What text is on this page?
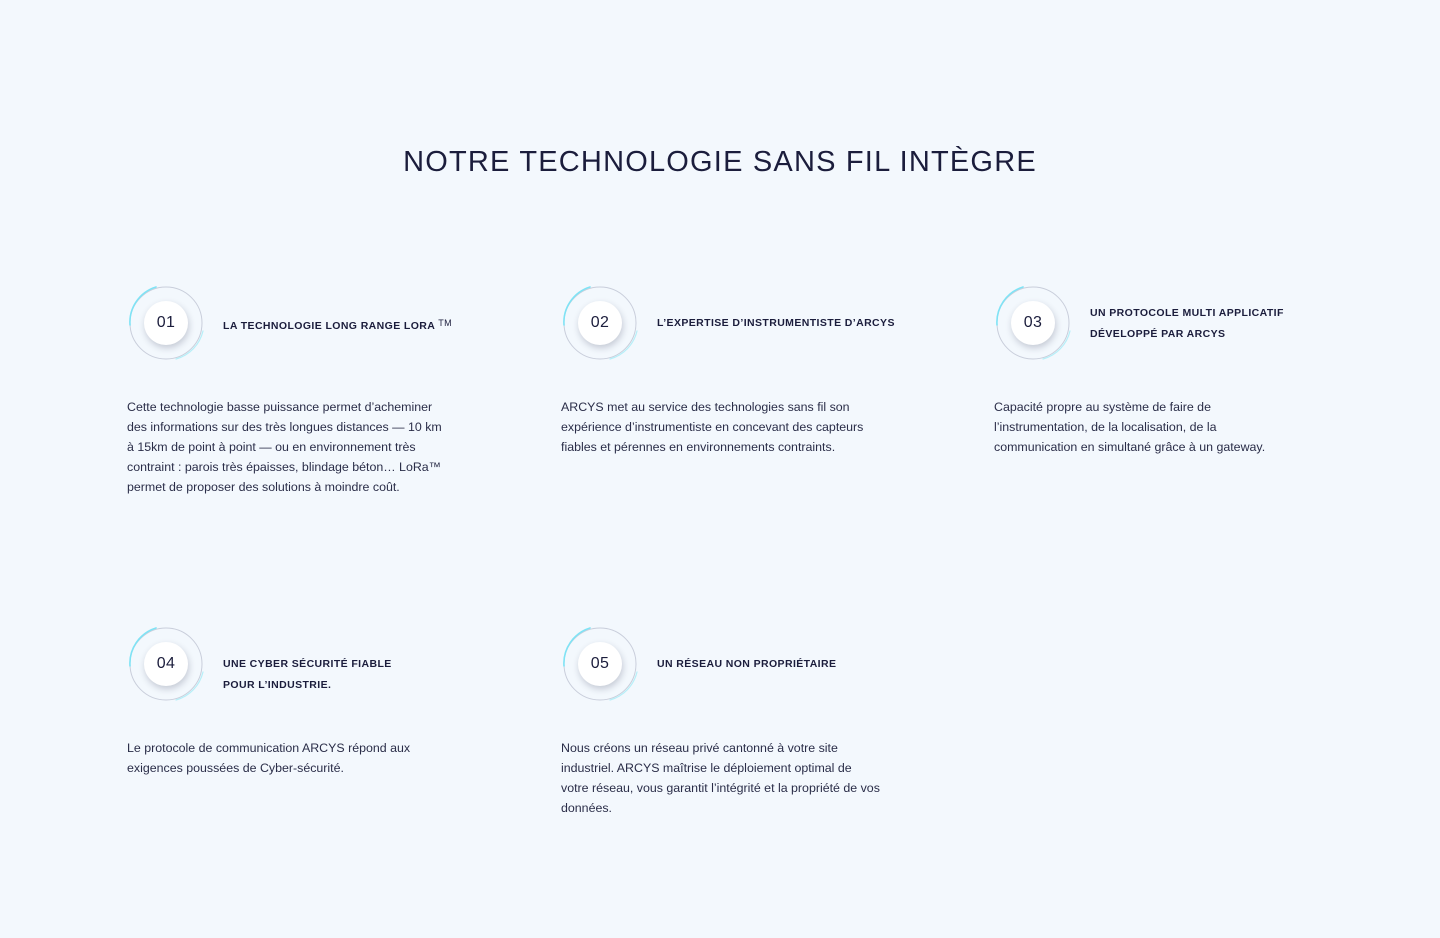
NOTRE TECHNOLOGIE SANS FIL INTÈGRE
01	LA TECHNOLOGIE LONG RANGE LORA ™

Cette technologie basse puissance permet d’acheminer des informations sur des très longues distances — 10 km à 15km de point à point — ou en environnement très contraint : parois très épaisses, blindage béton… LoRa™ permet de proposer des solutions à moindre coût.

02	L’EXPERTISE D’INSTRUMENTISTE D’ARCYS

ARCYS met au service des technologies sans fil son expérience d’instrumentiste en concevant des capteurs fiables et pérennes en environnements contraints.

03
UN PROTOCOLE MULTI APPLICATIF DÉVELOPPÉ PAR ARCYS

Capacité propre au système de faire de l’instrumentation, de la localisation, de la communication en simultané grâce à un gateway.

04	UNE CYBER SÉCURITÉ FIABLE POUR L’INDUSTRIE.

Le protocole de communication ARCYS répond aux exigences poussées de Cyber-sécurité.

05	UN RÉSEAU NON PROPRIÉTAIRE

Nous créons un réseau privé cantonné à votre site industriel. ARCYS maîtrise le déploiement optimal de votre réseau, vous garantit l’intégrité et la propriété de vos données.
